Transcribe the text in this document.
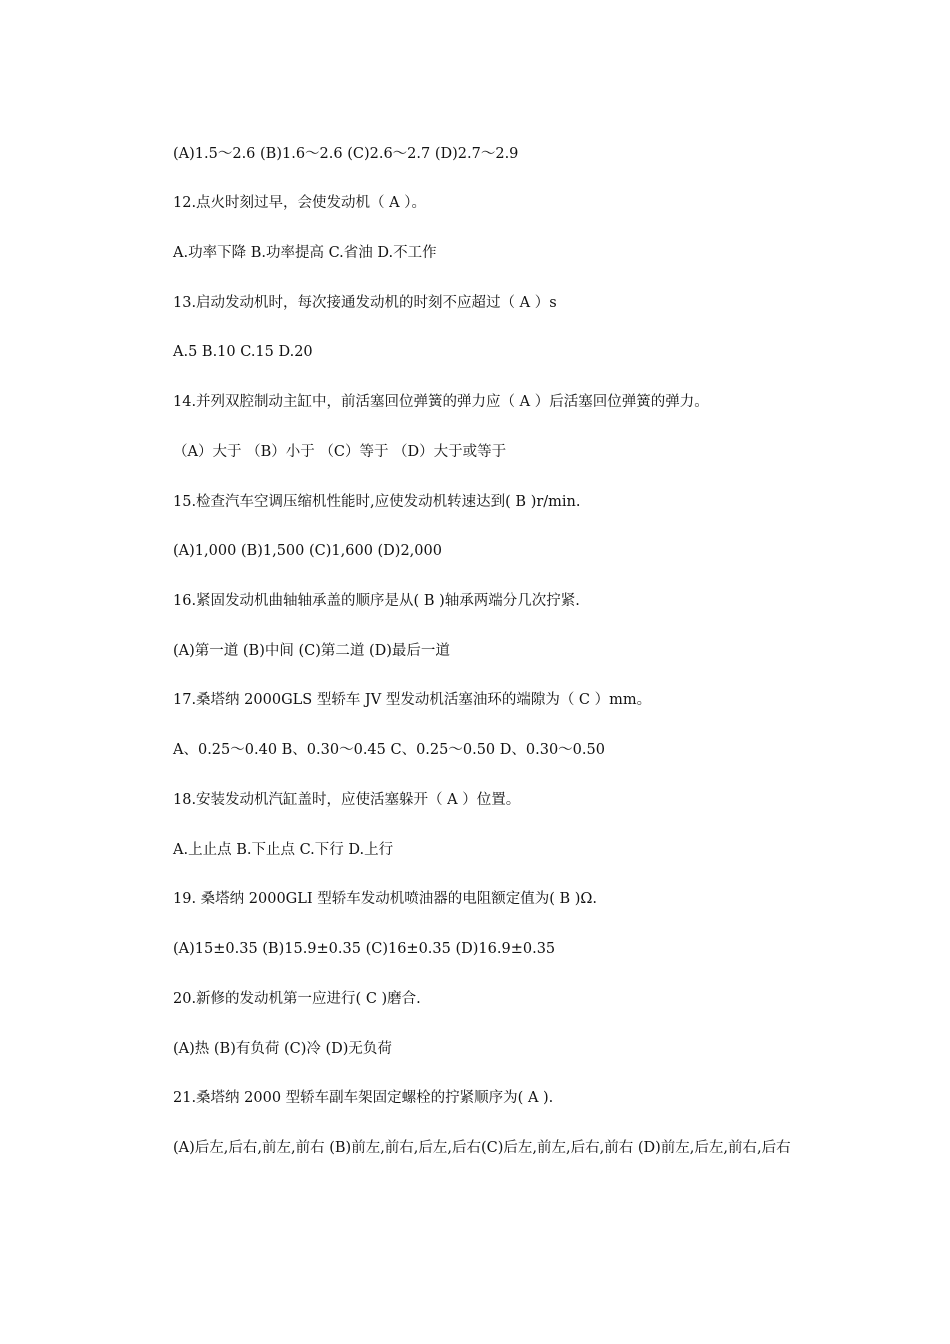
(A)1.5～2.6 (B)1.6～2.6 (C)2.6～2.7 (D)2.7～2.9
12.点火时刻过早，会使发动机（ A ）。
A.功率下降 B.功率提高 C.省油 D.不工作
13.启动发动机时，每次接通发动机的时刻不应超过（ A ）s
A.5 B.10 C.15 D.20
14.并列双腔制动主缸中，前活塞回位弹簧的弹力应（ A ）后活塞回位弹簧的弹力。
（A）大于 （B）小于 （C）等于 （D）大于或等于
15.检查汽车空调压缩机性能时,应使发动机转速达到( B )r/min.
(A)1,000 (B)1,500 (C)1,600 (D)2,000
16.紧固发动机曲轴轴承盖的顺序是从( B )轴承两端分几次拧紧.
(A)第一道 (B)中间 (C)第二道 (D)最后一道
17.桑塔纳 2000GLS 型轿车 JV 型发动机活塞油环的端隙为（ C ）mm。
A、0.25～0.40 B、0.30～0.45 C、0.25～0.50 D、0.30～0.50
18.安装发动机汽缸盖时，应使活塞躲开（ A ）位置。
A.上止点 B.下止点 C.下行 D.上行
19. 桑塔纳 2000GLI 型轿车发动机喷油器的电阻额定值为( B )Ω.
(A)15±0.35 (B)15.9±0.35 (C)16±0.35 (D)16.9±0.35
20.新修的发动机第一应进行( C )磨合.
(A)热 (B)有负荷 (C)冷 (D)无负荷
21.桑塔纳 2000 型轿车副车架固定螺栓的拧紧顺序为( A ).
(A)后左,后右,前左,前右 (B)前左,前右,后左,后右(C)后左,前左,后右,前右 (D)前左,后左,前右,后右
